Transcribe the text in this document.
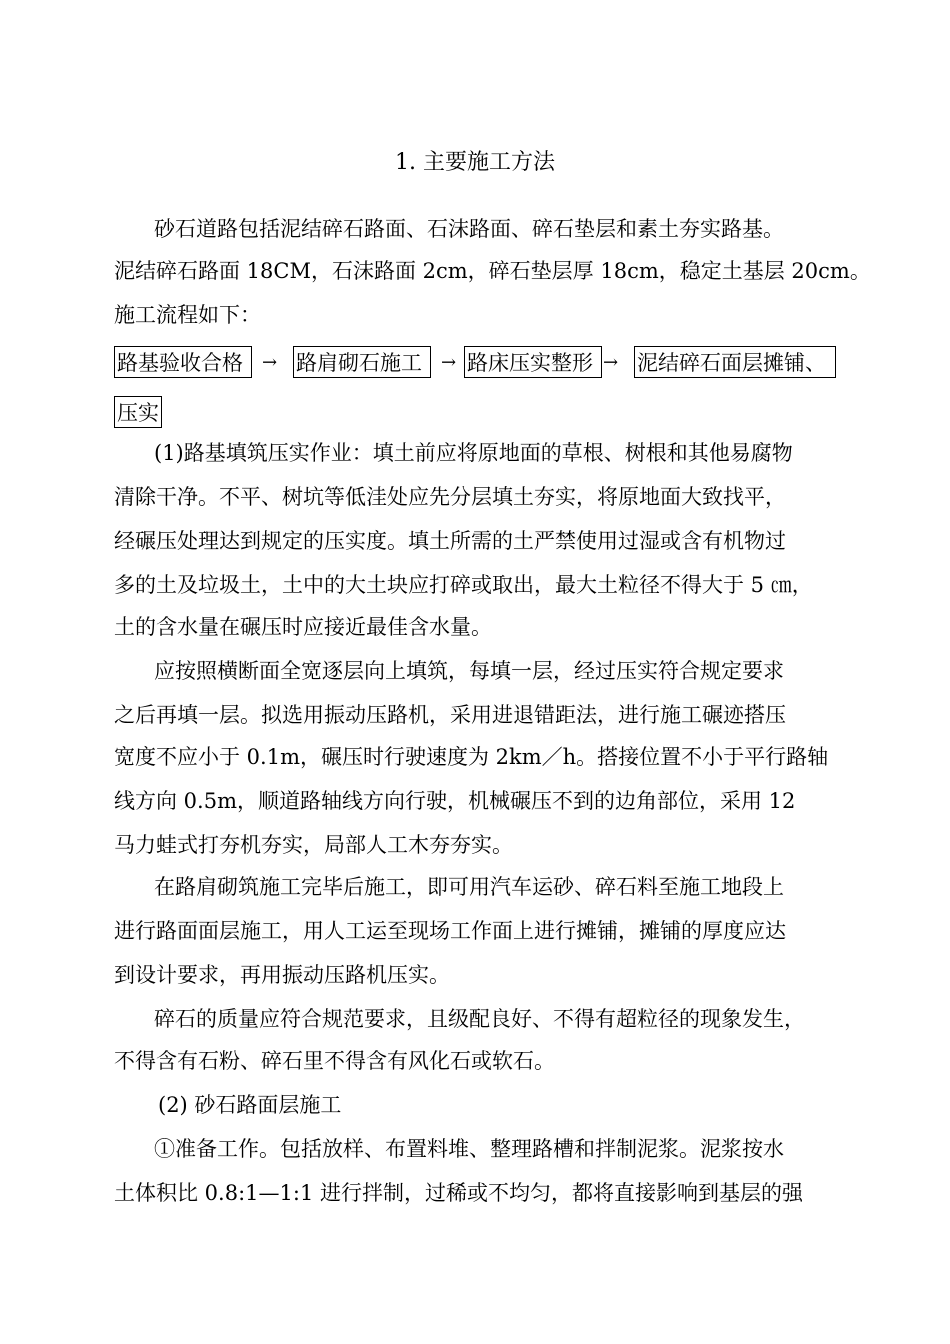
1. 主要施工方法
砂石道路包括泥结碎石路面、石沫路面、碎石垫层和素土夯实路基。
泥结碎石路面 18CM，石沫路面 2cm，碎石垫层厚 18cm，稳定土基层 20cm。
施工流程如下：
路基验收合格	→ 路肩砌石施工	→ 路床压实整形 → 泥结碎石面层摊铺、
压实
(1)路基填筑压实作业：填土前应将原地面的草根、树根和其他易腐物
清除干净。不平、树坑等低洼处应先分层填土夯实，将原地面大致找平，
经碾压处理达到规定的压实度。填土所需的土严禁使用过湿或含有机物过
多的土及垃圾土，土中的大土块应打碎或取出，最大土粒径不得大于 5 ㎝，
土的含水量在碾压时应接近最佳含水量。
应按照横断面全宽逐层向上填筑，每填一层，经过压实符合规定要求
之后再填一层。拟选用振动压路机，采用进退错距法，进行施工碾迹搭压
宽度不应小于 0.1m，碾压时行驶速度为 2km／h。搭接位置不小于平行路轴
线方向 0.5m，顺道路轴线方向行驶，机械碾压不到的边角部位，采用 12
马力蛙式打夯机夯实，局部人工木夯夯实。
在路肩砌筑施工完毕后施工，即可用汽车运砂、碎石料至施工地段上
进行路面面层施工，用人工运至现场工作面上进行摊铺，摊铺的厚度应达
到设计要求，再用振动压路机压实。
碎石的质量应符合规范要求，且级配良好、不得有超粒径的现象发生，
不得含有石粉、碎石里不得含有风化石或软石。
(2) 砂石路面层施工
①准备工作。包括放样、布置料堆、整理路槽和拌制泥浆。泥浆按水
土体积比 0.8:1—1:1 进行拌制，过稀或不均匀，都将直接影响到基层的强
